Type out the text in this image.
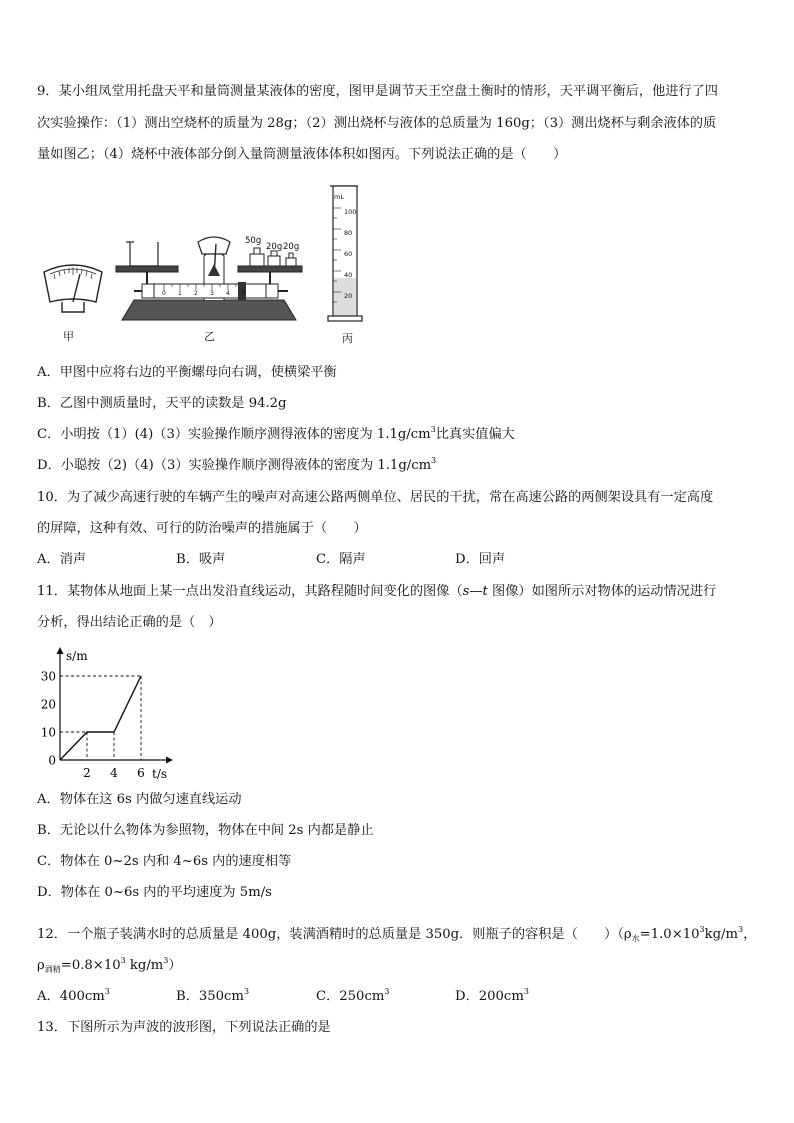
9．某小组凤堂用托盘天平和量筒测量某液体的密度，图甲是调节天王空盘土衡时的情形，天平调平衡后，他进行了四
次实验操作：（1）测出空烧杯的质量为 28g；（2）测出烧杯与液体的总质量为 160g；（3）测出烧杯与剩余液体的质
量如图乙；（4）烧杯中液体部分倒入量筒测量液体体积如图丙。下列说法正确的是（　　）
甲
50g
20g 20g
0 1 2 3 4 5
乙
mL
100
80
60
40
20
丙
A．甲图中应将右边的平衡螺母向右调，使横梁平衡
B．乙图中测质量时，天平的读数是 94.2g
C．小明按（1）(4)（3）实验操作顺序测得液体的密度为 $1.1g/cm^3$比真实值偏大
D．小聪按（2)（4)（3）实验操作顺序测得液体的密度为 $1.1g/cm^3$
10．为了减少高速行驶的车辆产生的噪声对高速公路两侧单位、居民的干扰，常在高速公路的两侧架设具有一定高度
的屏障，这种有效、可行的防治噪声的措施属于（　　）
A．消声	B．吸声	C．隔声	D．回声
11．某物体从地面上某一点出发沿直线运动，其路程随时间变化的图像（s—t 图像）如图所示对物体的运动情况进行
分析，得出结论正确的是（　）
s/m
t/s
0
10
20
30
2 4 6
A．物体在这 6s 内做匀速直线运动
B．无论以什么物体为参照物，物体在中间 2s 内都是静止
C．物体在 0~2s 内和 4~6s 内的速度相等
D．物体在 0~6s 内的平均速度为 5m/s
12．一个瓶子装满水时的总质量是 400g，装满酒精时的总质量是 350g．则瓶子的容积是（　　）（$\rho_水=1.0\times 10^3kg/m^3$，
$\rho_{酒精}=0.8\times 10^3$ $kg/m^3$）
A．$400cm^3$	B．$350cm^3$	C．$250cm^3$	D．$200cm^3$
13．下图所示为声波的波形图，下列说法正确的是
